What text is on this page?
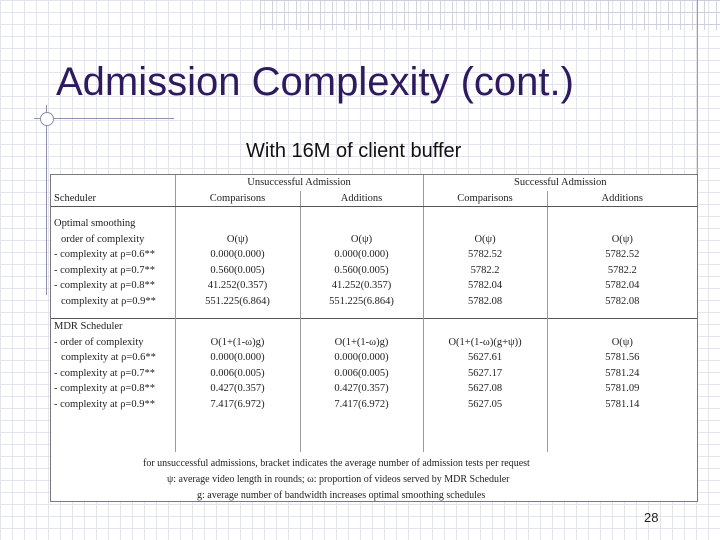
Admission Complexity (cont.)
With 16M of client buffer
	Unsuccessful Admission		Successful Admission	
Scheduler	Comparisons	Additions	Comparisons	Additions

Optimal smoothing				
order of complexity	O(ψ)	O(ψ)	O(ψ)	O(ψ)
- complexity at ρ=0.6**	0.000(0.000)	0.000(0.000)	5782.52	5782.52
- complexity at ρ=0.7**	0.560(0.005)	0.560(0.005)	5782.2	5782.2
- complexity at ρ=0.8**	41.252(0.357)	41.252(0.357)	5782.04	5782.04
complexity at ρ=0.9**	551.225(6.864)	551.225(6.864)	5782.08	5782.08

MDR Scheduler				
- order of complexity	O(1+(1-ω)g)	O(1+(1-ω)g)	O(1+(1-ω)(g+ψ))	O(ψ)
complexity at ρ=0.6**	0.000(0.000)	0.000(0.000)	5627.61	5781.56
- complexity at ρ=0.7**	0.006(0.005)	0.006(0.005)	5627.17	5781.24
- complexity at ρ=0.8**	0.427(0.357)	0.427(0.357)	5627.08	5781.09
- complexity at ρ=0.9**	7.417(6.972)	7.417(6.972)	5627.05	5781.14

for unsuccessful admissions, bracket indicates the average number of admission tests per request
ψ: average video length in rounds; ω: proportion of videos served by MDR Scheduler
g: average number of bandwidth increases optimal smoothing schedules
28
